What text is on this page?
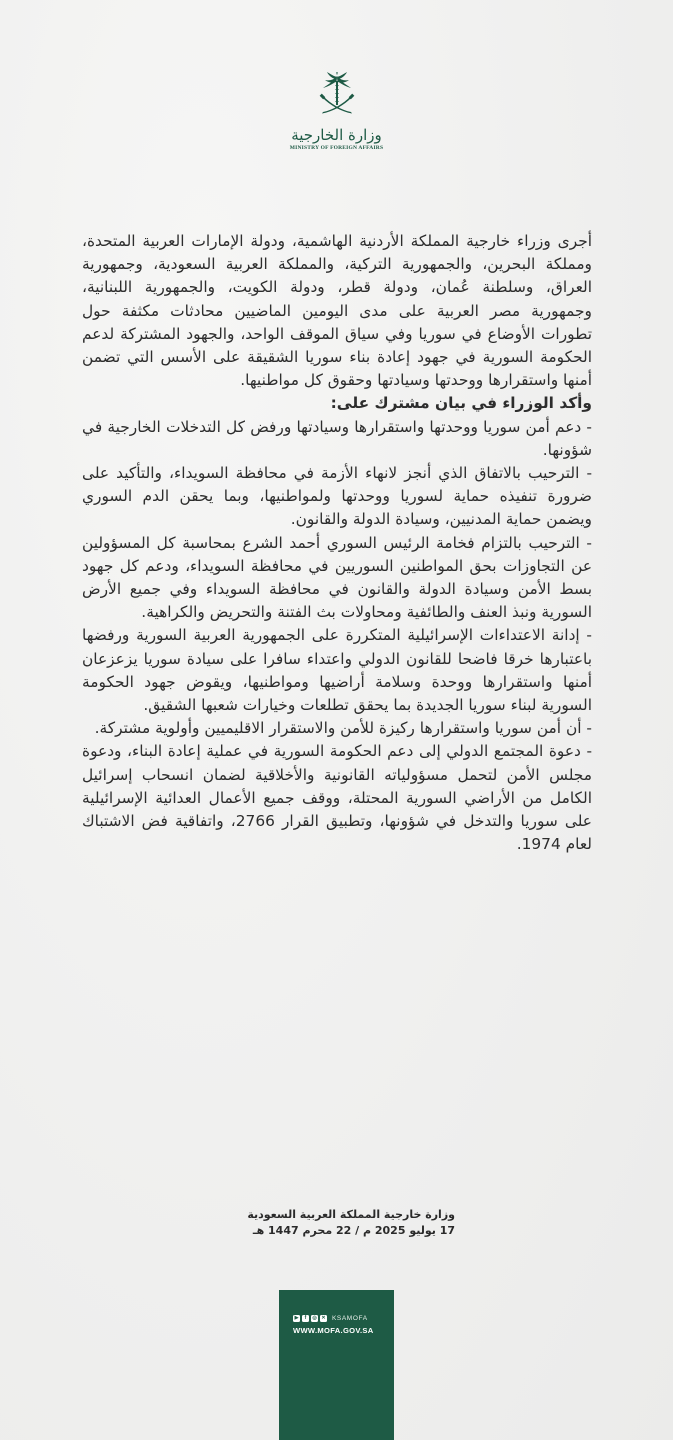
وزارة الخارجية
MINISTRY OF FOREIGN AFFAIRS

أجرى وزراء خارجية المملكة الأردنية الهاشمية، ودولة الإمارات العربية المتحدة، ومملكة البحرين، والجمهورية التركية، والمملكة العربية السعودية، وجمهورية العراق، وسلطنة عُمان، ودولة قطر، ودولة الكويت، والجمهورية اللبنانية، وجمهورية مصر العربية على مدى اليومين الماضيين محادثات مكثفة حول تطورات الأوضاع في سوريا وفي سياق الموقف الواحد، والجهود المشتركة لدعم الحكومة السورية في جهود إعادة بناء سوريا الشقيقة على الأسس التي تضمن أمنها واستقرارها ووحدتها وسيادتها وحقوق كل مواطنيها.

وأكد الوزراء في بيان مشترك على:

- دعم أمن سوريا ووحدتها واستقرارها وسيادتها ورفض كل التدخلات الخارجية في شؤونها.

- الترحيب بالاتفاق الذي أنجز لانهاء الأزمة في محافظة السويداء، والتأكيد على ضرورة تنفيذه حماية لسوريا ووحدتها ولمواطنيها، وبما يحقن الدم السوري ويضمن حماية المدنيين، وسيادة الدولة والقانون.

- الترحيب بالتزام فخامة الرئيس السوري أحمد الشرع بمحاسبة كل المسؤولين عن التجاوزات بحق المواطنين السوريين في محافظة السويداء، ودعم كل جهود بسط الأمن وسيادة الدولة والقانون في محافظة السويداء وفي جميع الأرض السورية ونبذ العنف والطائفية ومحاولات بث الفتنة والتحريض والكراهية.

- إدانة الاعتداءات الإسرائيلية المتكررة على الجمهورية العربية السورية ورفضها باعتبارها خرقا فاضحا للقانون الدولي واعتداء سافرا على سيادة سوريا يزعزعان أمنها واستقرارها ووحدة وسلامة أراضيها ومواطنيها، ويقوض جهود الحكومة السورية لبناء سوريا الجديدة بما يحقق تطلعات وخيارات شعبها الشقيق.

- أن أمن سوريا واستقرارها ركيزة للأمن والاستقرار الاقليميين وأولوية مشتركة.

- دعوة المجتمع الدولي إلى دعم الحكومة السورية في عملية إعادة البناء، ودعوة مجلس الأمن لتحمل مسؤولياته القانونية والأخلاقية لضمان انسحاب إسرائيل الكامل من الأراضي السورية المحتلة، ووقف جميع الأعمال العدائية الإسرائيلية على سوريا والتدخل في شؤونها، وتطبيق القرار 2766، واتفاقية فض الاشتباك لعام 1974.

وزارة خارجية المملكة العربية السعودية
17 يوليو 2025 م / 22 محرم 1447 هـ
▶	f	◎ ✕ KSAMOFA
WWW.MOFA.GOV.SA
